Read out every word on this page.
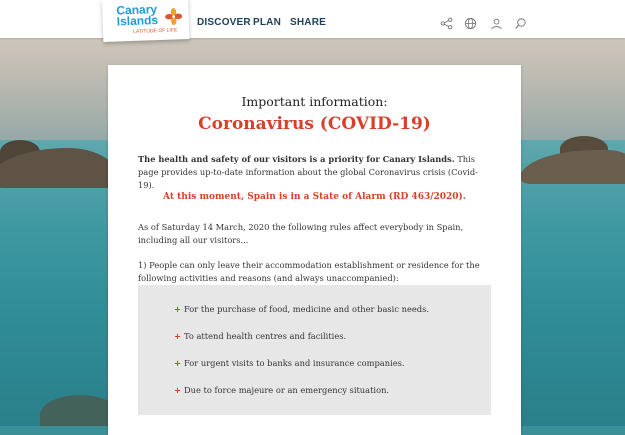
DISCOVER PLAN SHARE
Canary
Islands
LATITUDE OF LIFE
Important information:
Coronavirus (COVID-19)
The health and safety of our visitors is a priority for Canary Islands. This page provides up-to-date information about the global Coronavirus crisis (Covid-19).
At this moment, Spain is in a State of Alarm (RD 463/2020).
As of Saturday 14 March, 2020 the following rules affect everybody in Spain, including all our visitors...
1) People can only leave their accommodation establishment or residence for the following activities and reasons (and always unaccompanied):
+ For the purchase of food, medicine and other basic needs.
+ To attend health centres and facilities.
+ For urgent visits to banks and insurance companies.
+ Due to force majeure or an emergency situation.
